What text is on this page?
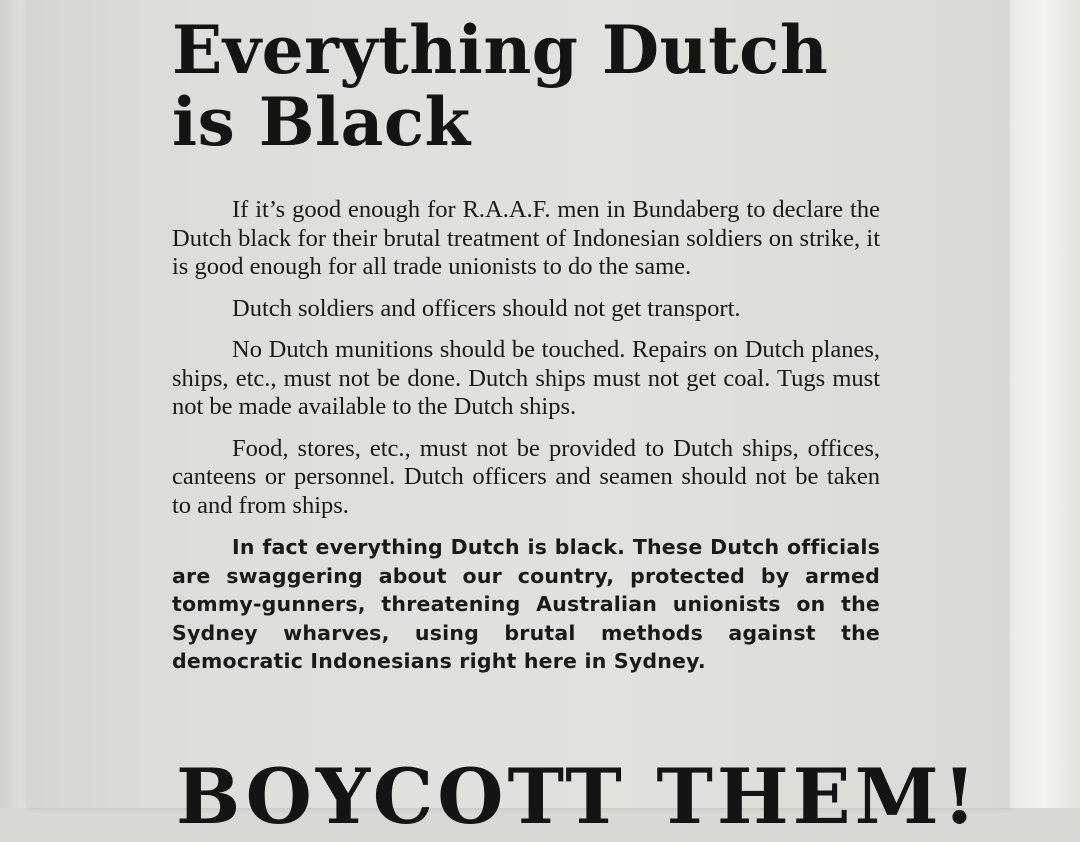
Everything Dutch is Black

If it’s good enough for R.A.A.F. men in Bundaberg to declare the Dutch black for their brutal treatment of Indonesian soldiers on strike, it is good enough for all trade unionists to do the same.

Dutch soldiers and officers should not get transport.

No Dutch munitions should be touched. Repairs on Dutch planes, ships, etc., must not be done. Dutch ships must not get coal. Tugs must not be made available to the Dutch ships.

Food, stores, etc., must not be provided to Dutch ships, offices, canteens or personnel. Dutch officers and seamen should not be taken to and from ships.

In fact everything Dutch is black. These Dutch officials are swaggering about our country, protected by armed tommy-gunners, threatening Australian unionists on the Sydney wharves, using brutal methods against the democratic Indonesians right here in Sydney.

BOYCOTT THEM!
